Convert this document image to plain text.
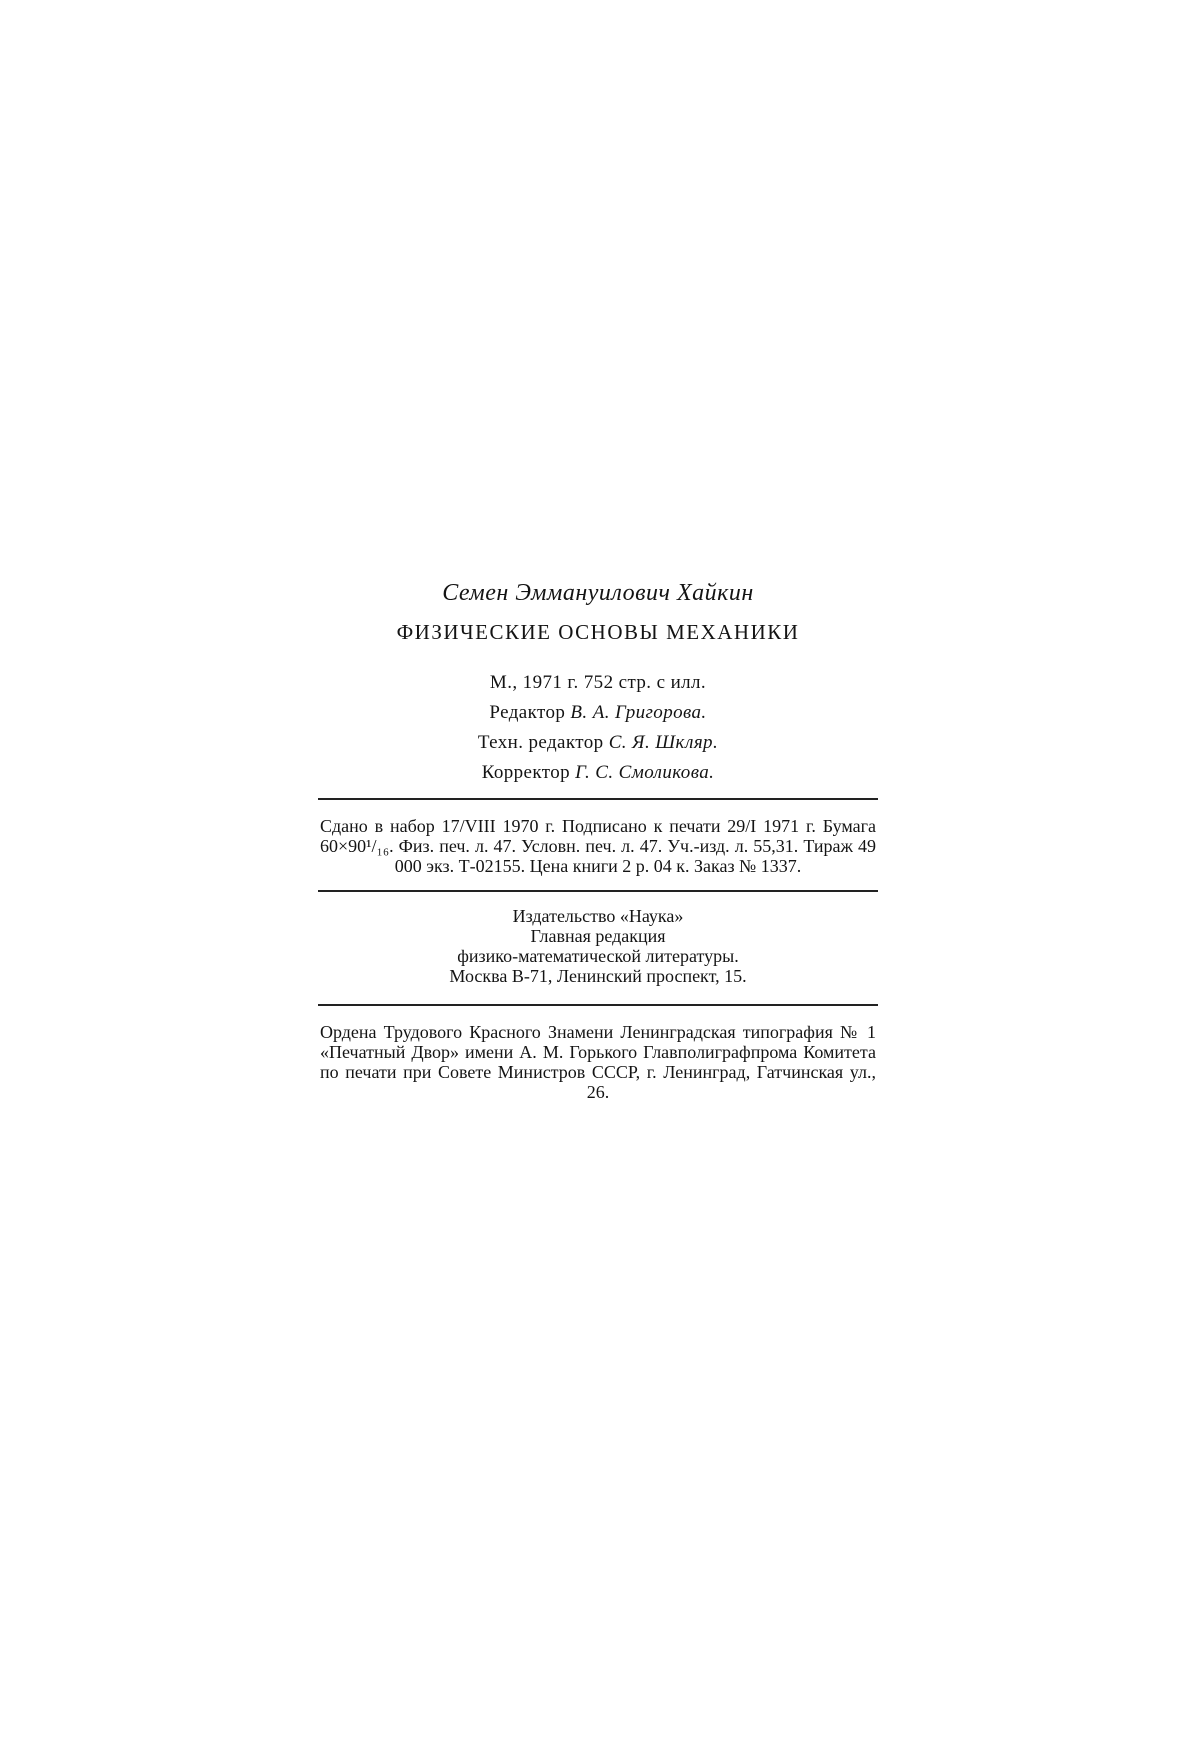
Семен Эммануилович Хайкин

ФИЗИЧЕСКИЕ ОСНОВЫ МЕХАНИКИ

М., 1971 г. 752 стр. с илл.

Редактор В. А. Григорова.

Техн. редактор С. Я. Шкляр.

Корректор Г. С. Смоликова.

Сдано в набор 17/VIII 1970 г. Подписано к печати 29/I 1971 г. Бумага 60×90¹/₁₆. Физ. печ. л. 47. Условн. печ. л. 47. Уч.-изд. л. 55,31. Тираж 49 000 экз. Т-02155. Цена книги 2 р. 04 к. Заказ № 1337.

Издательство «Наука»
Главная редакция
физико-математической литературы.
Москва В-71, Ленинский проспект, 15.

Ордена Трудового Красного Знамени Ленинградская типография № 1 «Печатный Двор» имени А. М. Горького Главполиграфпрома Комитета по печати при Совете Министров СССР, г. Ленинград, Гатчинская ул., 26.
